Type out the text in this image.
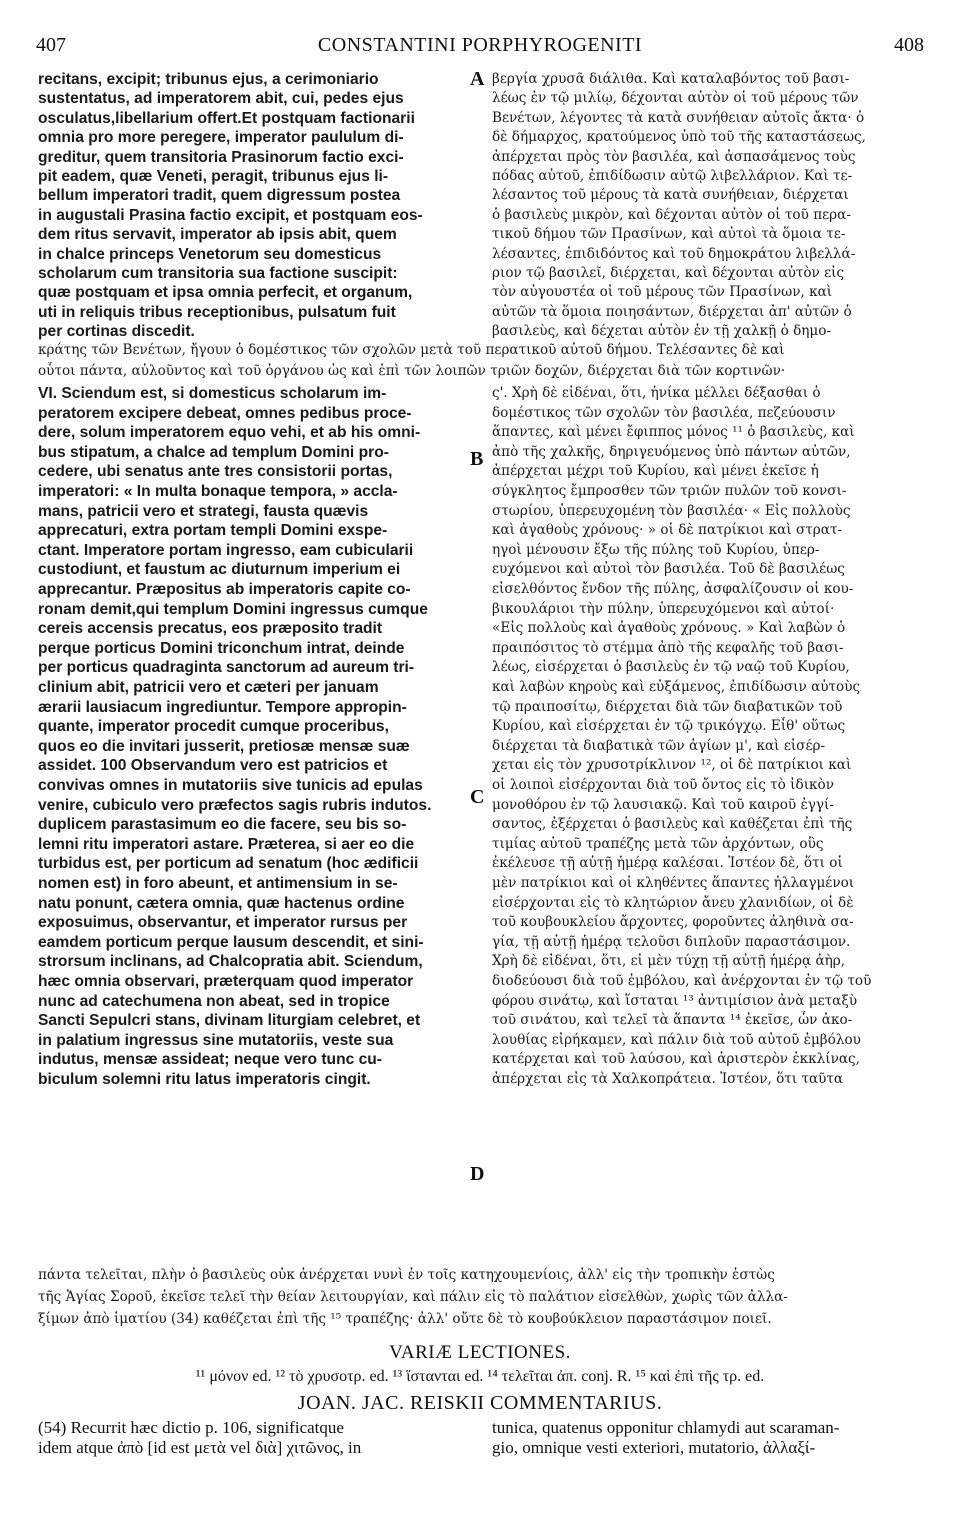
407	CONSTANTINI PORPHYROGENITI	408
A
B
C
D
recitans, excipit; tribunus ejus, a cerimoniario
sustentatus, ad imperatorem abit, cui, pedes ejus
osculatus,libellarium offert.Et postquam factionarii
omnia pro more peregere, imperator paululum di-
greditur, quem transitoria Prasinorum factio exci-
pit eadem, quæ Veneti, peragit, tribunus ejus li-
bellum imperatori tradit, quem digressum postea
in augustali Prasina factio excipit, et postquam eos-
dem ritus servavit, imperator ab ipsis abit, quem
in chalce princeps Venetorum seu domesticus
scholarum cum transitoria sua factione suscipit:
quæ postquam et ipsa omnia perfecit, et organum,
uti in reliquis tribus receptionibus, pulsatum fuit
per cortinas discedit.
βεργία χρυσᾶ διάλιθα. Καὶ καταλαβόντος τοῦ βασι-
λέως ἐν τῷ μιλίῳ, δέχονται αὐτὸν οἱ τοῦ μέρους τῶν
Βενέτων, λέγοντες τὰ κατὰ συνήθειαν αὐτοῖς ἄκτα· ὁ
δὲ δήμαρχος, κρατούμενος ὑπὸ τοῦ τῆς καταστάσεως,
ἀπέρχεται πρὸς τὸν βασιλέα, καὶ ἀσπασάμενος τοὺς
πόδας αὐτοῦ, ἐπιδίδωσιν αὐτῷ λιβελλάριον. Καὶ τε-
λέσαντος τοῦ μέρους τὰ κατὰ συνήθειαν, διέρχεται
ὁ βασιλεὺς μικρὸν, καὶ δέχονται αὐτὸν οἱ τοῦ περα-
τικοῦ δήμου τῶν Πρασίνων, καὶ αὐτοὶ τὰ ὅμοια τε-
λέσαντες, ἐπιδιδόντος καὶ τοῦ δημοκράτου λιβελλά-
ριον τῷ βασιλεῖ, διέρχεται, καὶ δέχονται αὐτὸν εἰς
τὸν αὐγουστέα οἱ τοῦ μέρους τῶν Πρασίνων, καὶ
αὐτῶν τὰ ὅμοια ποιησάντων, διέρχεται ἀπ' αὐτῶν ὁ
βασιλεὺς, καὶ δέχεται αὐτὸν ἐν τῇ χαλκῇ ὁ δημο-
κράτης τῶν Βενέτων, ἤγουν ὁ δομέστικος τῶν σχολῶν μετὰ τοῦ περατικοῦ αὐτοῦ δήμου. Τελέσαντες δὲ καὶ
οὗτοι πάντα, αὐλοῦντος καὶ τοῦ ὀργάνου ὡς καὶ ἐπὶ τῶν λοιπῶν τριῶν δοχῶν, διέρχεται διὰ τῶν κορτινῶν·
VI. Sciendum est, si domesticus scholarum im-
peratorem excipere debeat, omnes pedibus proce-
dere, solum imperatorem equo vehi, et ab his omni-
bus stipatum, a chalce ad templum Domini pro-
cedere, ubi senatus ante tres consistorii portas,
imperatori: « In multa bonaque tempora, » accla-
mans, patricii vero et strategi, fausta quævis
apprecaturi, extra portam templi Domini exspe-
ctant. Imperatore portam ingresso, eam cubicularii
custodiunt, et faustum ac diuturnum imperium ei
apprecantur. Præpositus ab imperatoris capite co-
ronam demit,qui templum Domini ingressus cumque
cereis accensis precatus, eos præposito tradit
perque porticus Domini triconchum intrat, deinde
per porticus quadraginta sanctorum ad aureum tri-
clinium abit, patricii vero et cæteri per januam
ærarii lausiacum ingrediuntur. Tempore appropin-
quante, imperator procedit cumque proceribus,
quos eo die invitari jusserit, pretiosæ mensæ suæ
assidet. 100 Observandum vero est patricios et
convivas omnes in mutatoriis sive tunicis ad epulas
venire, cubiculo vero præfectos sagis rubris indutos.
duplicem parastasimum eo die facere, seu bis so-
lemni ritu imperatori astare. Præterea, si aer eo die
turbidus est, per porticum ad senatum (hoc ædificii
nomen est) in foro abeunt, et antimensium in se-
natu ponunt, cætera omnia, quæ hactenus ordine
exposuimus, observantur, et imperator rursus per
eamdem porticum perque lausum descendit, et sini-
strorsum inclinans, ad Chalcopratia abit. Sciendum,
hæc omnia observari, præterquam quod imperator
nunc ad catechumena non abeat, sed in tropice
Sancti Sepulcri stans, divinam liturgiam celebret, et
in palatium ingressus sine mutatoriis, veste sua
indutus, mensæ assideat; neque vero tunc cu-
biculum solemni ritu latus imperatoris cingit.
ς'. Χρὴ δὲ εἰδέναι, ὅτι, ἡνίκα μέλλει δέξασθαι ὁ
δομέστικος τῶν σχολῶν τὸν βασιλέα, πεζεύουσιν
ἅπαντες, καὶ μένει ἔφιππος μόνος ¹¹ ὁ βασιλεὺς, καὶ
ἀπὸ τῆς χαλκῆς, δηριγευόμενος ὑπὸ πάντων αὐτῶν,
ἀπέρχεται μέχρι τοῦ Κυρίου, καὶ μένει ἐκεῖσε ἡ
σύγκλητος ἔμπροσθεν τῶν τριῶν πυλῶν τοῦ κονσι-
στωρίου, ὑπερευχομένη τὸν βασιλέα· « Εἰς πολλοὺς
καὶ ἀγαθοὺς χρόνους· » οἱ δὲ πατρίκιοι καὶ στρατ-
ηγοὶ μένουσιν ἔξω τῆς πύλης τοῦ Κυρίου, ὑπερ-
ευχόμενοι καὶ αὐτοὶ τὸν βασιλέα. Τοῦ δὲ βασιλέως
εἰσελθόντος ἔνδον τῆς πύλης, ἀσφαλίζουσιν οἱ κου-
βικουλάριοι τὴν πύλην, ὑπερευχόμενοι καὶ αὐτοί·
«Εἰς πολλοὺς καὶ ἀγαθοὺς χρόνους. » Καὶ λαβὼν ὁ
πραιπόσιτος τὸ στέμμα ἀπὸ τῆς κεφαλῆς τοῦ βασι-
λέως, εἰσέρχεται ὁ βασιλεὺς ἐν τῷ ναῷ τοῦ Κυρίου,
καὶ λαβὼν κηροὺς καὶ εὐξάμενος, ἐπιδίδωσιν αὐτοὺς
τῷ πραιποσίτῳ, διέρχεται διὰ τῶν διαβατικῶν τοῦ
Κυρίου, καὶ εἰσέρχεται ἐν τῷ τρικόγχῳ. Εἶθ' οὕτως
διέρχεται τὰ διαβατικὰ τῶν ἁγίων μ', καὶ εἰσέρ-
χεται εἰς τὸν χρυσοτρίκλινον ¹², οἱ δὲ πατρίκιοι καὶ
οἱ λοιποὶ εἰσέρχονται διὰ τοῦ ὄντος εἰς τὸ ἰδικὸν
μονοθόρου ἐν τῷ λαυσιακῷ. Καὶ τοῦ καιροῦ ἐγγί-
σαντος, ἐξέρχεται ὁ βασιλεὺς καὶ καθέζεται ἐπὶ τῆς
τιμίας αὐτοῦ τραπέζης μετὰ τῶν ἀρχόντων, οὓς
ἐκέλευσε τῇ αὐτῇ ἡμέρᾳ καλέσαι. Ἰστέον δὲ, ὅτι οἱ
μὲν πατρίκιοι καὶ οἱ κληθέντες ἅπαντες ἠλλαγμένοι
εἰσέρχονται εἰς τὸ κλητώριον ἄνευ χλανιδίων, οἱ δὲ
τοῦ κουβουκλείου ἄρχοντες, φοροῦντες ἀληθινὰ σα-
γία, τῇ αὐτῇ ἡμέρᾳ τελοῦσι διπλοῦν παραστάσιμον.
Χρὴ δὲ εἰδέναι, ὅτι, εἰ μὲν τύχῃ τῇ αὐτῇ ἡμέρᾳ ἀὴρ,
διοδεύουσι διὰ τοῦ ἐμβόλου, καὶ ἀνέρχονται ἐν τῷ τοῦ
φόρου σινάτῳ, καὶ ἵσταται ¹³ ἀντιμίσιον ἀνὰ μεταξὺ
τοῦ σινάτου, καὶ τελεῖ τὰ ἅπαντα ¹⁴ ἐκεῖσε, ὧν ἀκο-
λουθίας εἰρήκαμεν, καὶ πάλιν διὰ τοῦ αὐτοῦ ἐμβόλου
κατέρχεται καὶ τοῦ λαύσου, καὶ ἀριστερὸν ἐκκλίνας,
ἀπέρχεται εἰς τὰ Χαλκοπράτεια. Ἰστέον, ὅτι ταῦτα
πάντα τελεῖται, πλὴν ὁ βασιλεὺς οὐκ ἀνέρχεται νυνὶ ἐν τοῖς κατηχουμενίοις, ἀλλ' εἰς τὴν τροπικὴν ἑστὼς
τῆς Ἁγίας Σοροῦ, ἐκεῖσε τελεῖ τὴν θείαν λειτουργίαν, καὶ πάλιν εἰς τὸ παλάτιον εἰσελθὼν, χωρὶς τῶν ἀλλα-
ξίμων ἀπὸ ἱματίου (34) καθέζεται ἐπὶ τῆς ¹⁵ τραπέζης· ἀλλ' οὔτε δὲ τὸ κουβούκλειον παραστάσιμον ποιεῖ.
VARIÆ LECTIONES.
¹¹ μόνον ed. ¹² τὸ χρυσοτρ. ed. ¹³ ἵστανται ed. ¹⁴ τελεῖται ἀπ. conj. R. ¹⁵ καὶ ἐπὶ τῆς τρ. ed.
JOAN. JAC. REISKII COMMENTARIUS.
(54) Recurrit hæc dictio p. 106, significatque
idem atque ἀπὸ [id est μετὰ vel διὰ] χιτῶνος, in
tunica, quatenus opponitur chlamydi aut scaraman-
gio, omnique vesti exteriori, mutatorio, ἀλλαξί-
